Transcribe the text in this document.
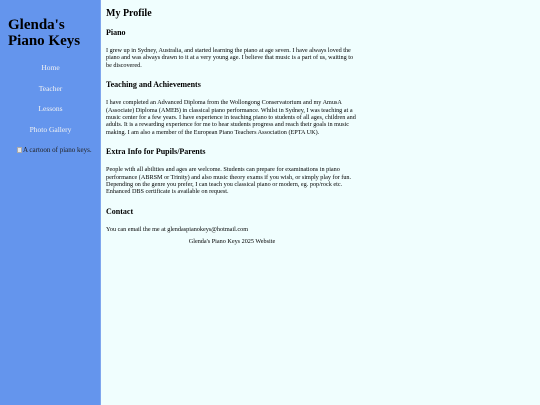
Glenda's
Piano Keys
Home
Teacher
Lessons
Photo Gallery
A cartoon of piano keys.
My Profile
Piano

I grew up in Sydney, Australia, and started learning the piano at age seven. I have always loved the piano and was always drawn to it at a very young age. I believe that music is a part of us, waiting to be discovered.

Teaching and Achievements

I have completed an Advanced Diploma from the Wollongong Conservatorium and my AmusA (Associate) Diploma (AMEB) in classical piano performance. Whilst in Sydney, I was teaching at a music center for a few years. I have experience in teaching piano to students of all ages, children and adults. It is a rewarding experience for me to hear students progress and reach their goals in music making. I am also a member of the European Piano Teachers Association (EPTA UK).

Extra Info for Pupils/Parents

People with all abilities and ages are welcome. Students can prepare for examinations in piano performance (ABRSM or Trinity) and also music theory exams if you wish, or simply play for fun. Depending on the genre you prefer, I can teach you classical piano or modern, eg. pop/rock etc. Enhanced DBS certificate is available on request.

Contact

You can email the me at glendaspianokeys@hotmail.com

Glenda's Piano Keys 2025 Website
